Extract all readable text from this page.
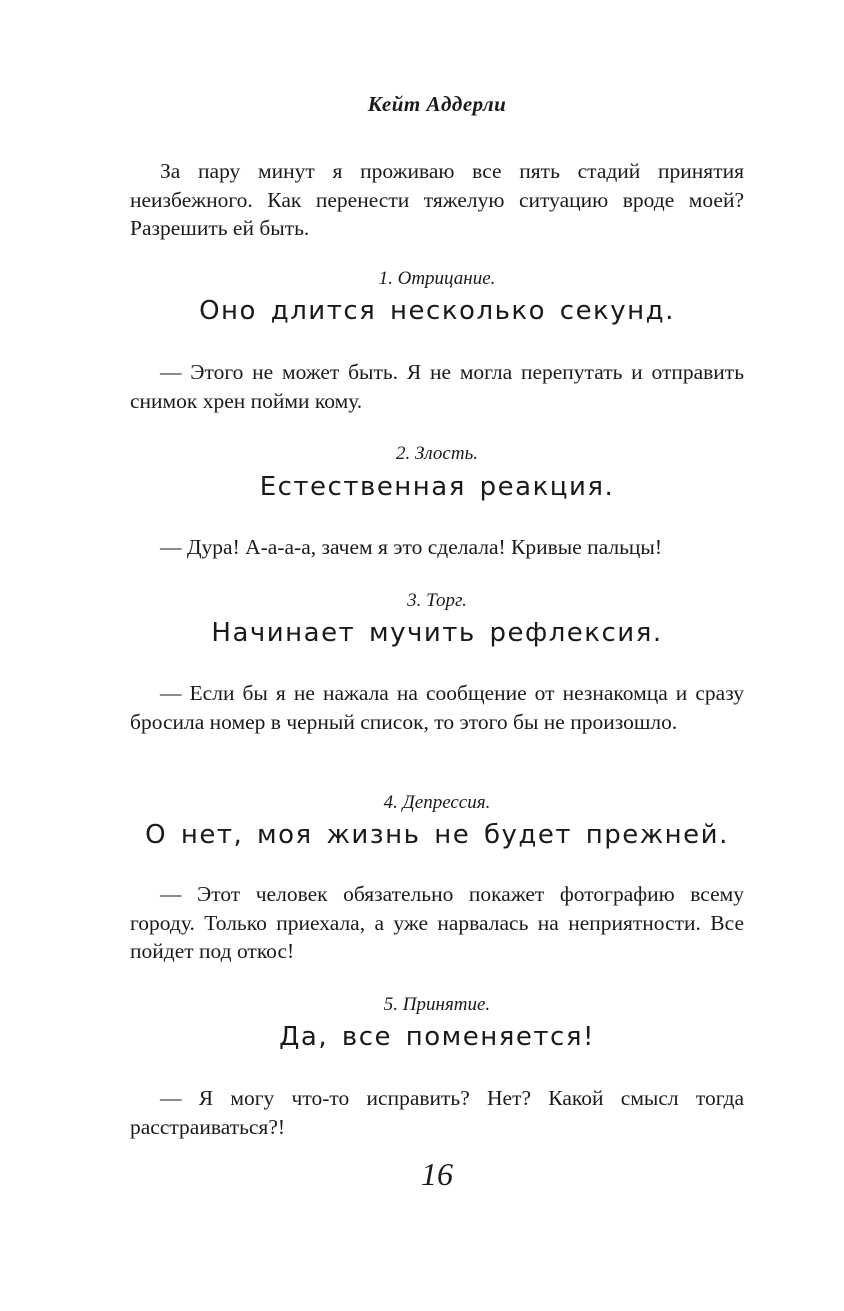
Кейт Аддерли

За пару минут я проживаю все пять стадий принятия неизбежного. Как перенести тяжелую ситуацию вроде моей? Разрешить ей быть.

1. Отрицание.
Оно длится несколько секунд.

— Этого не может быть. Я не могла перепутать и отправить снимок хрен пойми кому.

2. Злость.
Естественная реакция.

— Дура! А-а-а-а, зачем я это сделала! Кривые пальцы!

3. Торг.
Начинает мучить рефлексия.

— Если бы я не нажала на сообщение от незнакомца и сразу бросила номер в черный список, то этого бы не произошло.

4. Депрессия.
О нет, моя жизнь не будет прежней.

— Этот человек обязательно покажет фотографию всему городу. Только приехала, а уже нарвалась на неприятности. Все пойдет под откос!

5. Принятие.
Да, все поменяется!

— Я могу что-то исправить? Нет? Какой смысл тогда расстраиваться?!

16
